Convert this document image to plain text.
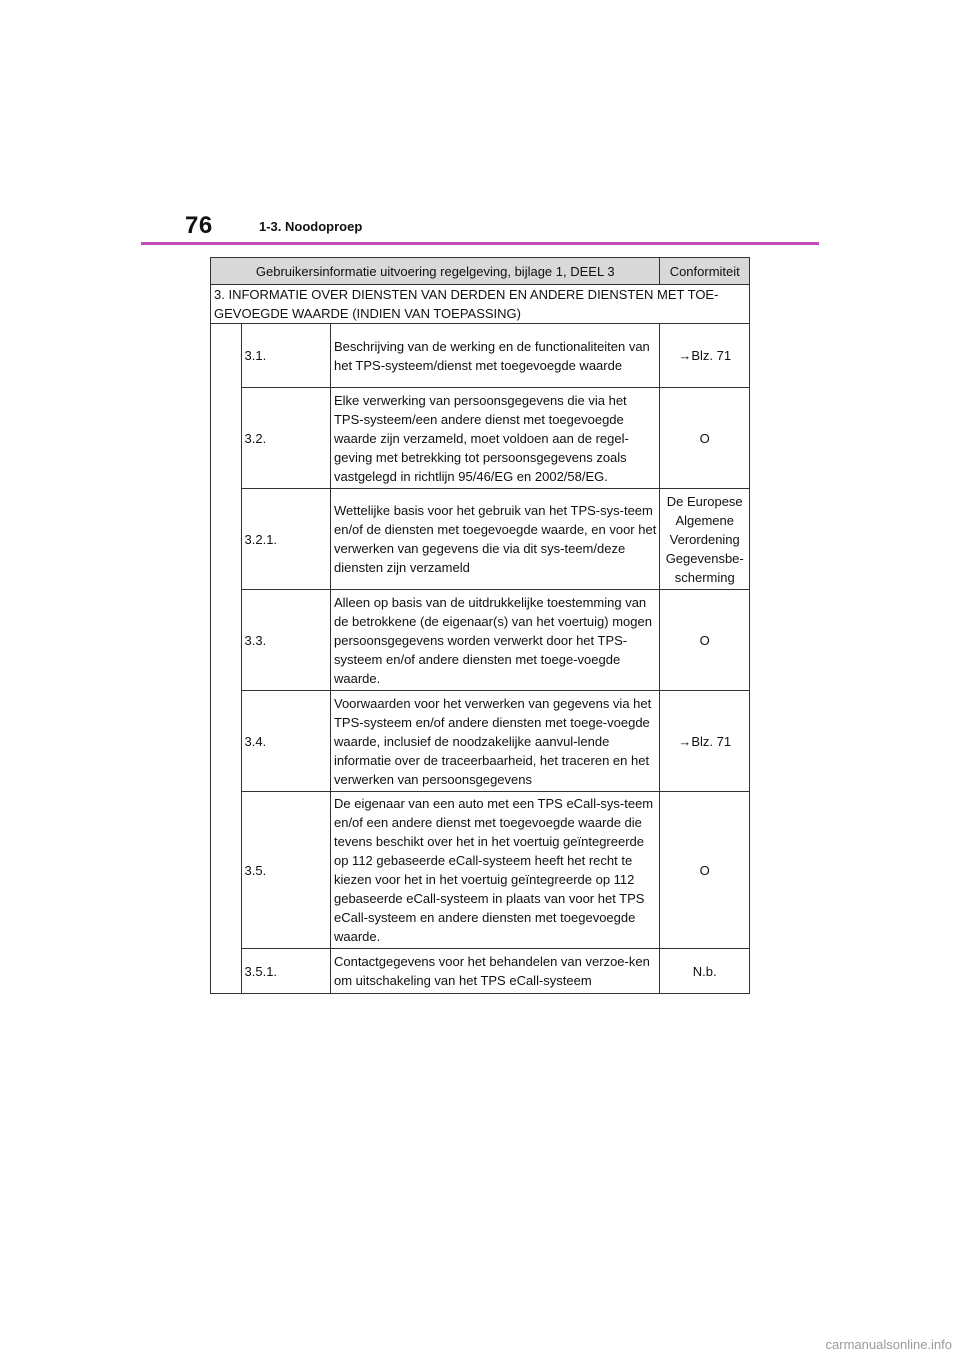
76	1-3. Noodoproep
Gebruikersinformatie uitvoering regelgeving, bijlage 1, DEEL 3			Conformiteit
3. INFORMATIE OVER DIENSTEN VAN DERDEN EN ANDERE DIENSTEN MET TOE-GEVOEGDE WAARDE (INDIEN VAN TOEPASSING)			
	3.1.	Beschrijving van de werking en de functionaliteiten van het TPS-systeem/dienst met toegevoegde waarde	→Blz. 71
	3.2.	Elke verwerking van persoonsgegevens die via het TPS-systeem/een andere dienst met toegevoegde waarde zijn verzameld, moet voldoen aan de regel-geving met betrekking tot persoonsgegevens zoals vastgelegd in richtlijn 95/46/EG en 2002/58/EG.	O
	3.2.1.	Wettelijke basis voor het gebruik van het TPS-sys-teem en/of de diensten met toegevoegde waarde, en voor het verwerken van gegevens die via dit sys-teem/deze diensten zijn verzameld	De Europese Algemene Verordening Gegevensbe-scherming
	3.3.	Alleen op basis van de uitdrukkelijke toestemming van de betrokkene (de eigenaar(s) van het voertuig) mogen persoonsgegevens worden verwerkt door het TPS-systeem en/of andere diensten met toege-voegde waarde.	O
	3.4.	Voorwaarden voor het verwerken van gegevens via het TPS-systeem en/of andere diensten met toege-voegde waarde, inclusief de noodzakelijke aanvul-lende informatie over de traceerbaarheid, het traceren en het verwerken van persoonsgegevens	→Blz. 71
	3.5.	De eigenaar van een auto met een TPS eCall-sys-teem en/of een andere dienst met toegevoegde waarde die tevens beschikt over het in het voertuig geïntegreerde op 112 gebaseerde eCall-systeem heeft het recht te kiezen voor het in het voertuig geïntegreerde op 112 gebaseerde eCall-systeem in plaats van voor het TPS eCall-systeem en andere diensten met toegevoegde waarde.	O
	3.5.1.	Contactgegevens voor het behandelen van verzoe-ken om uitschakeling van het TPS eCall-systeem	N.b.
carmanualsonline.info
